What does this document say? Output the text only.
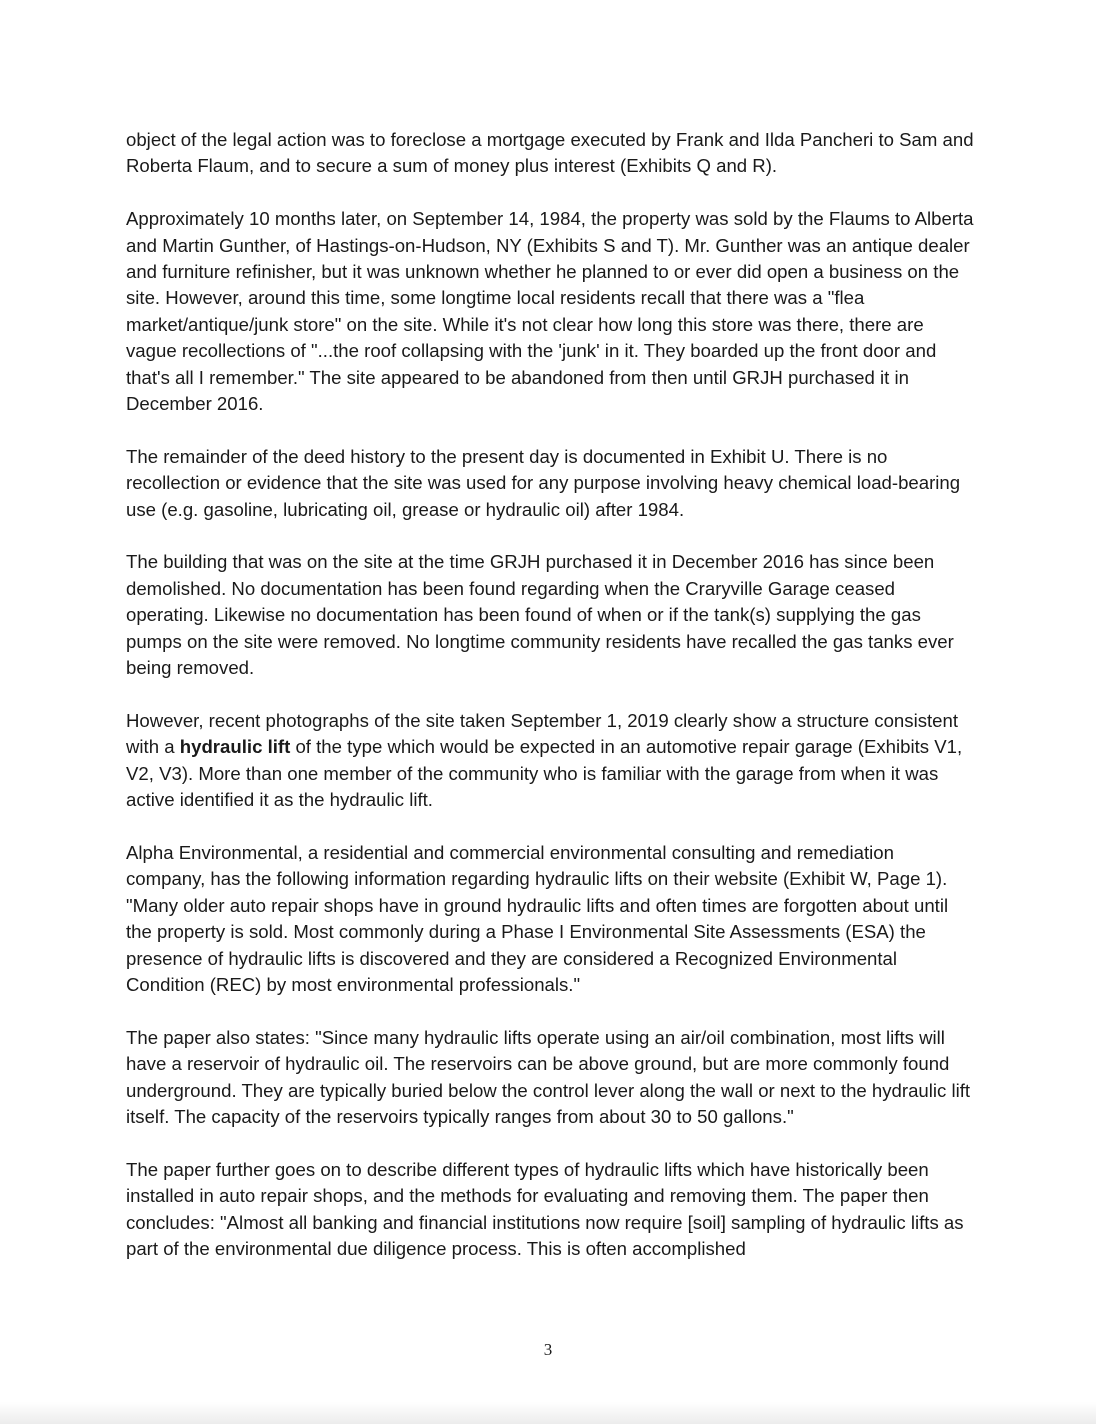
object of the legal action was to foreclose a mortgage executed by Frank and Ilda Pancheri to Sam and Roberta Flaum, and to secure a sum of money plus interest (Exhibits Q and R).

Approximately 10 months later, on September 14, 1984, the property was sold by the Flaums to Alberta and Martin Gunther, of Hastings-on-Hudson, NY (Exhibits S and T). Mr. Gunther was an antique dealer and furniture refinisher, but it was unknown whether he planned to or ever did open a business on the site. However, around this time, some longtime local residents recall that there was a "flea market/antique/junk store" on the site. While it's not clear how long this store was there, there are vague recollections of "...the roof collapsing with the 'junk' in it. They boarded up the front door and that's all I remember." The site appeared to be abandoned from then until GRJH purchased it in December 2016.

The remainder of the deed history to the present day is documented in Exhibit U. There is no recollection or evidence that the site was used for any purpose involving heavy chemical load-bearing use (e.g. gasoline, lubricating oil, grease or hydraulic oil) after 1984.

The building that was on the site at the time GRJH purchased it in December 2016 has since been demolished. No documentation has been found regarding when the Craryville Garage ceased operating. Likewise no documentation has been found of when or if the tank(s) supplying the gas pumps on the site were removed. No longtime community residents have recalled the gas tanks ever being removed.

However, recent photographs of the site taken September 1, 2019 clearly show a structure consistent with a hydraulic lift of the type which would be expected in an automotive repair garage (Exhibits V1, V2, V3). More than one member of the community who is familiar with the garage from when it was active identified it as the hydraulic lift.

Alpha Environmental, a residential and commercial environmental consulting and remediation company, has the following information regarding hydraulic lifts on their website (Exhibit W, Page 1). "Many older auto repair shops have in ground hydraulic lifts and often times are forgotten about until the property is sold. Most commonly during a Phase I Environmental Site Assessments (ESA) the presence of hydraulic lifts is discovered and they are considered a Recognized Environmental Condition (REC) by most environmental professionals."

The paper also states: "Since many hydraulic lifts operate using an air/oil combination, most lifts will have a reservoir of hydraulic oil. The reservoirs can be above ground, but are more commonly found underground. They are typically buried below the control lever along the wall or next to the hydraulic lift itself. The capacity of the reservoirs typically ranges from about 30 to 50 gallons."

The paper further goes on to describe different types of hydraulic lifts which have historically been installed in auto repair shops, and the methods for evaluating and removing them. The paper then concludes: "Almost all banking and financial institutions now require [soil] sampling of hydraulic lifts as part of the environmental due diligence process. This is often accomplished

3
